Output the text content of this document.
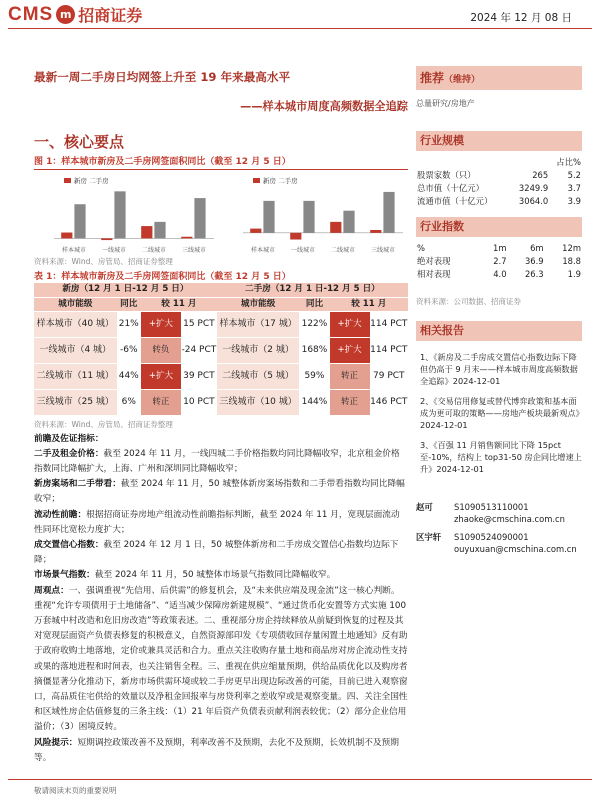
CMS m 招商证券	2024 年 12 月 08 日
最新一周二手房日均网签上升至 19 年来最高水平
——样本城市周度高频数据全追踪
一、核心要点
图 1：样本城市新房及二手房网签面积同比（截至 12 月 5 日）
新房 二手房
样本城市	一线城市	二线城市	三线城市
新房 二手房
样本城市	一线城市	二线城市	三线城市
资料来源：Wind、房管局、招商证券整理
表 1：样本城市新房及二手房网签面积同比（截至 12 月 5 日）
新房（12 月 1 日-12 月 5 日）			二手房（12 月 1 日-12 月 5 日）		
城市能级	同比	较 11 月	城市能级	同比	较 11 月
样本城市（40 城）	21%	+扩大 15 PCT	样本城市（17 城）	122%	+扩大 114 PCT

一线城市（4 城）	-6%	转负 -24 PCT	一线城市（2 城）	168%	+扩大 114 PCT

二线城市（11 城）	44%	+扩大 39 PCT	二线城市（5 城）	59%	转正 79 PCT

三线城市（25 城）	6%	转正 10 PCT	三线城市（10 城）	144%	转正 146 PCT
资料来源：Wind、房管局、招商证券整理

前瞻及佐证指标：

二手及租金价格：截至 2024 年 11 月，一线四城二手价格指数均同比降幅收窄，北京租金价格指数同比降幅扩大，上海、广州和深圳同比降幅收窄；

新房案场和二手带看：截至 2024 年 11 月，50 城整体新房案场指数和二手带看指数均同比降幅收窄；

流动性前瞻：根据招商证券房地产组流动性前瞻指标判断，截至 2024 年 11 月，宽现层面流动性同环比宽松力度扩大；

成交置信心指数：截至 2024 年 12 月 1 日，50 城整体新房和二手房成交置信心指数均边际下降；

市场景气指数：截至 2024 年 11 月，50 城整体市场景气指数同比降幅收窄。

周观点：一、强调重视“先信用、后供需”的修复机会，及“未来供应端及现金流”这一核心判断。重视“允许专项债用于土地储备”、“适当减少保障房新建规模”、“通过货币化安置等方式实施 100 万套城中村改造和危旧房改造”等政策表述。二、重视部分房企持续释放从前疑到恢复的过程及其对宽现层面资产负债表修复的积极意义，自然资源部印发《专项债收回存量闲置土地通知》反有助于政府收购土地落地，定价或兼具灵活和合力。重点关注收购存量土地和商品房对房企流动性支持或果的落地进程和时间表，也关注销售全程。三、重视在供应缩量预期，供给品质优化以及购房者摘僵显著分化推动下，新房市场供需环境或较二手房更早出现边际改善的可能，目前已进入观察窗口，高品质住宅供给的效量以及净租金回报率与房贷利率之差收窄或是观察变量。四、关注全国性和区域性房企估值修复的三条主线：（1）21 年后资产负债表贡献利润表较优；（2）部分企业信用溢价；（3）困境反转。

风险提示：短期调控政策改善不及预期，利率改善不及预期，去化不及预期，长效机制不及预期等。

推荐（维持）
总量研究/房地产
行业规模
		占比%
股票家数（只）	265	5.2
总市值（十亿元）	3249.9	3.7
流通市值（十亿元）	3064.0	3.9
行业指数
%	1m	6m	12m
绝对表现	2.7	36.9	18.8
相对表现	4.0	26.3	1.9
资料来源：公司数据、招商证券
相关报告
1、《新房及二手房成交置信心指数边际下降但仍高于 9 月末——样本城市周度高频数据全追踪》2024-12-01
2、《交易信用修复或替代博弈政策和基本面成为更可取的策略——房地产板块最新观点》2024-12-01
3、《百强 11 月销售额同比下降 15pct 至-10%，结构上 top31-50 房企同比增速上升》2024-12-01
赵可	S1090513110001
zhaoke@cmschina.com.cn
区宇轩	S1090524090001
ouyuxuan@cmschina.com.cn
敬请阅读末页的重要说明
